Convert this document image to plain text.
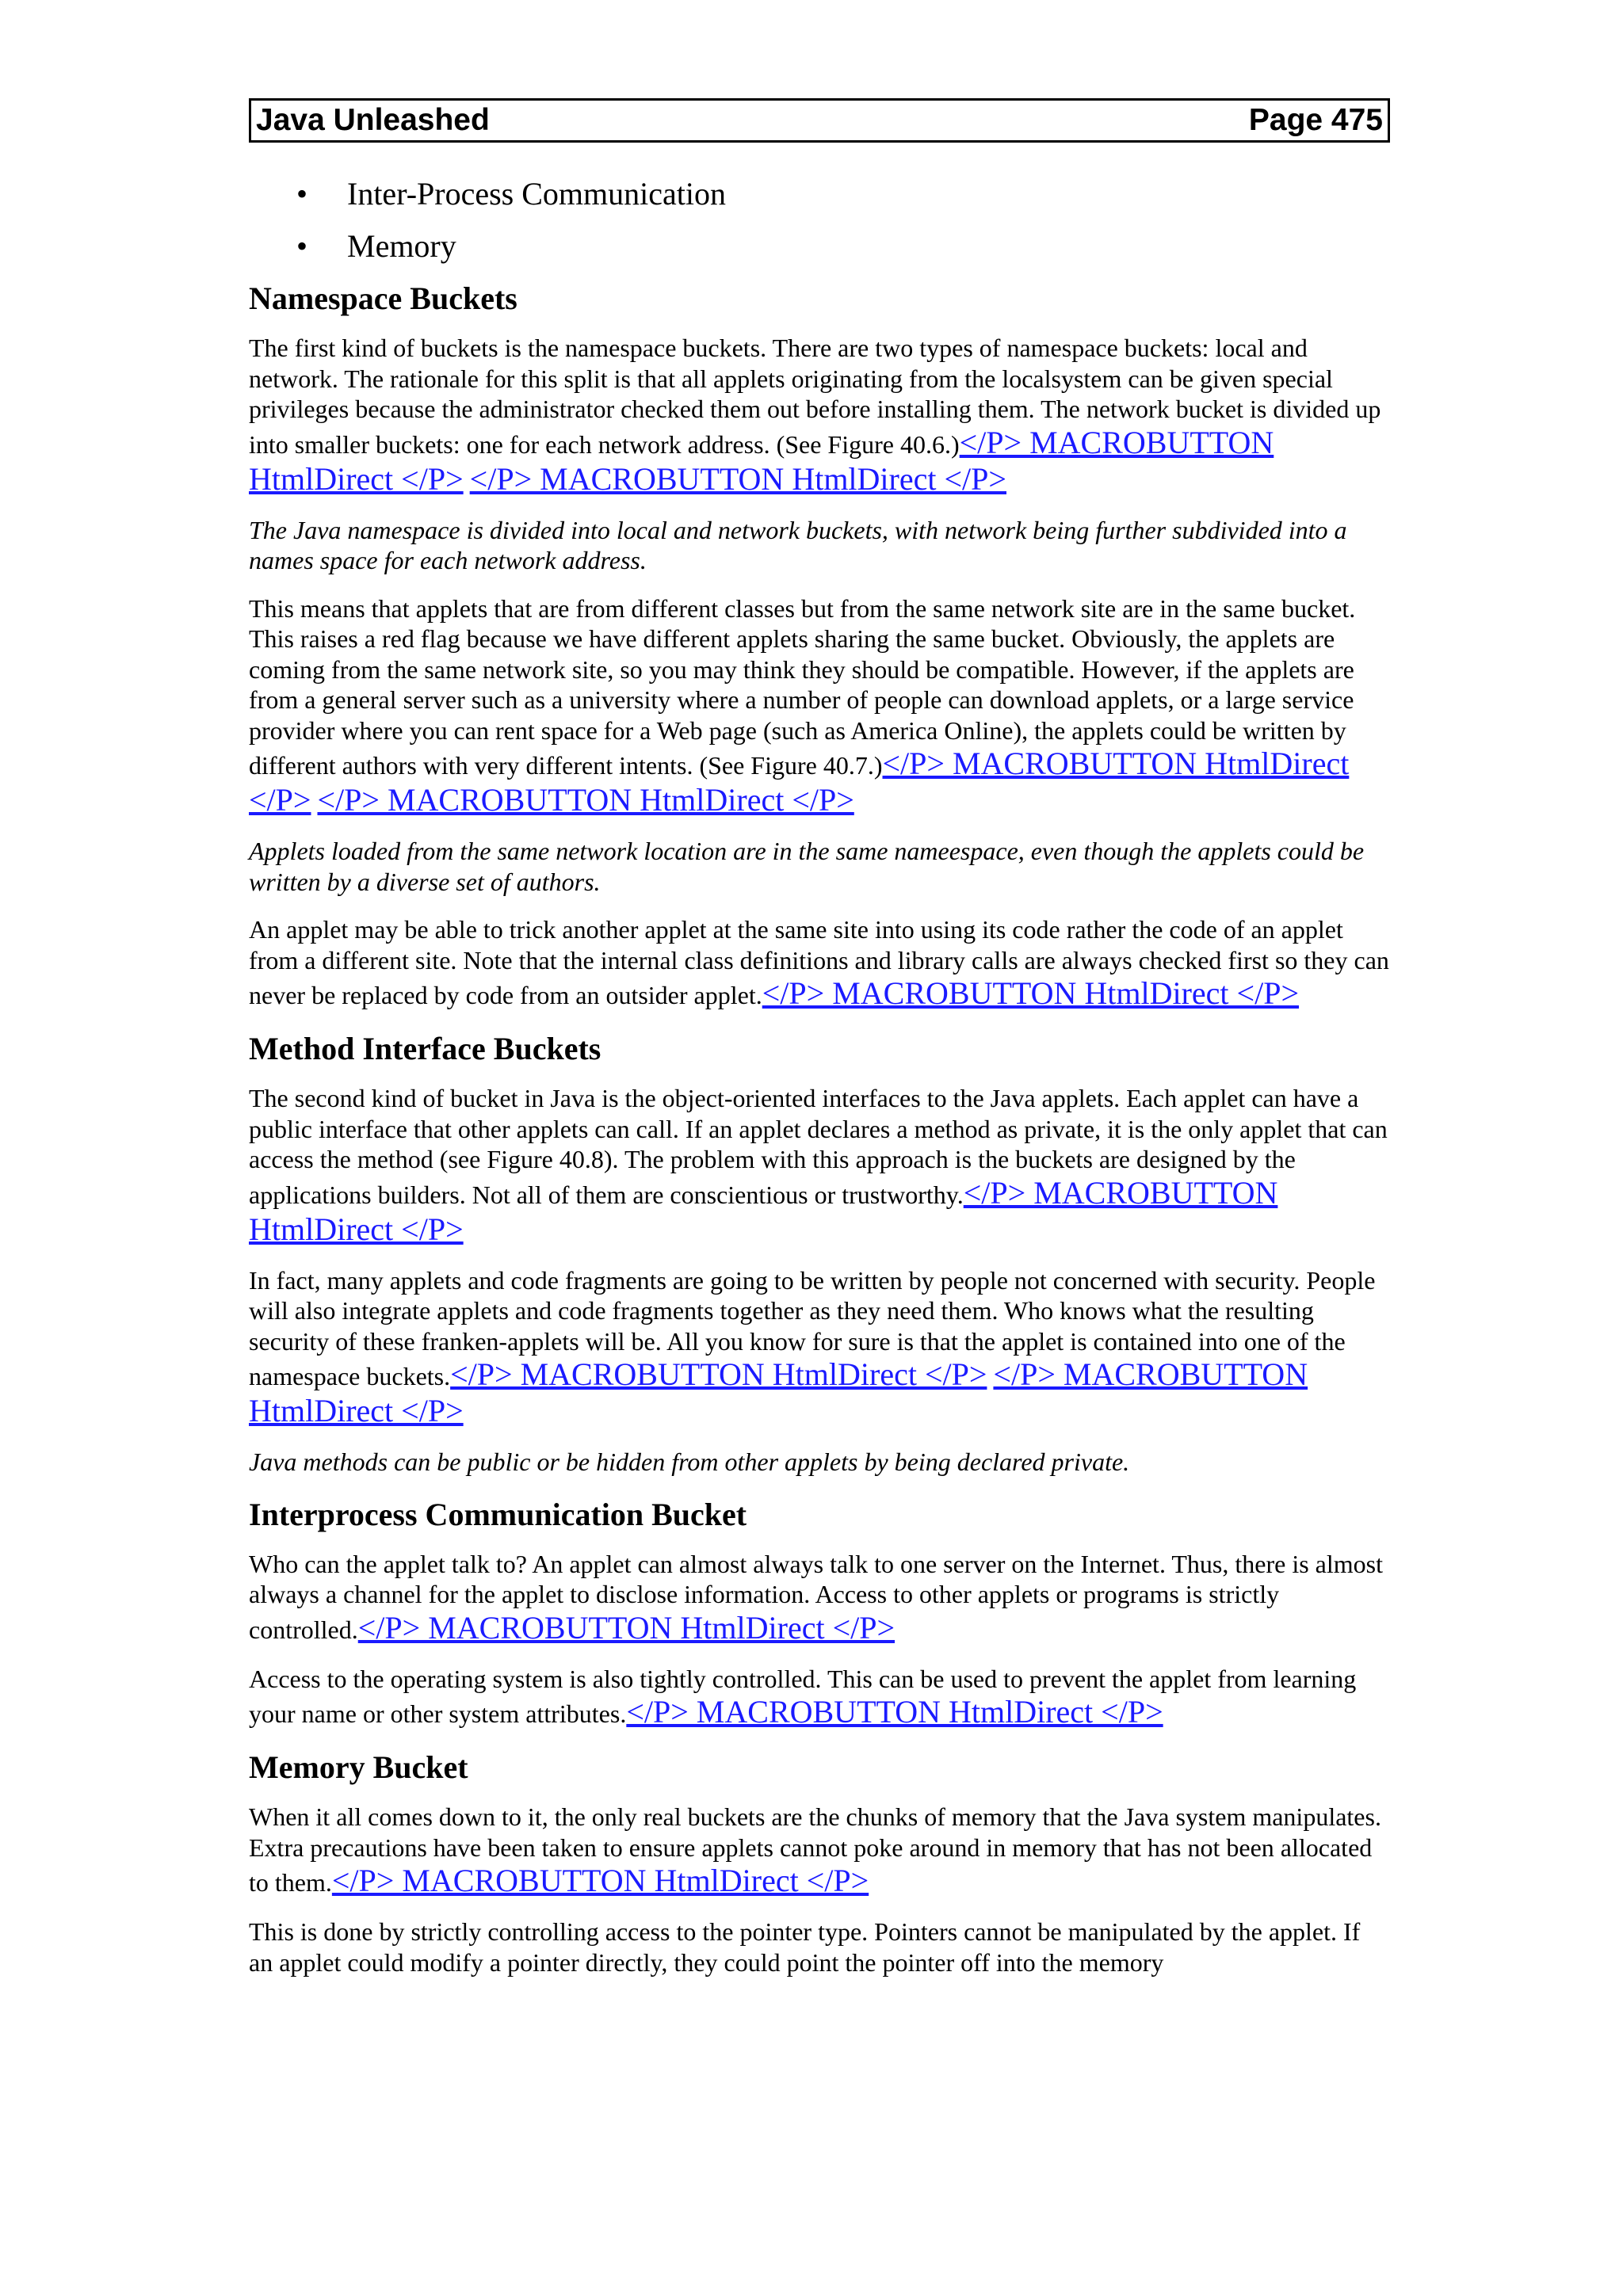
Java Unleashed	Page 475
• Inter-Process Communication
• Memory
Namespace Buckets

The first kind of buckets is the namespace buckets. There are two types of namespace buckets: local and network. The rationale for this split is that all applets originating from the localsystem can be given special privileges because the administrator checked them out before installing them. The network bucket is divided up into smaller buckets: one for each network address. (See Figure 40.6.)</P> MACROBUTTON HtmlDirect </P> </P> MACROBUTTON HtmlDirect </P>

The Java namespace is divided into local and network buckets, with network being further subdivided into a names space for each network address.

This means that applets that are from different classes but from the same network site are in the same bucket. This raises a red flag because we have different applets sharing the same bucket. Obviously, the applets are coming from the same network site, so you may think they should be compatible. However, if the applets are from a general server such as a university where a number of people can download applets, or a large service provider where you can rent space for a Web page (such as America Online), the applets could be written by different authors with very different intents. (See Figure 40.7.)</P> MACROBUTTON HtmlDirect </P> </P> MACROBUTTON HtmlDirect </P>

Applets loaded from the same network location are in the same nameespace, even though the applets could be written by a diverse set of authors.

An applet may be able to trick another applet at the same site into using its code rather the code of an applet from a different site. Note that the internal class definitions and library calls are always checked first so they can never be replaced by code from an outsider applet.</P> MACROBUTTON HtmlDirect </P>

Method Interface Buckets

The second kind of bucket in Java is the object-oriented interfaces to the Java applets. Each applet can have a public interface that other applets can call. If an applet declares a method as private, it is the only applet that can access the method (see Figure 40.8). The problem with this approach is the buckets are designed by the applications builders. Not all of them are conscientious or trustworthy.</P> MACROBUTTON HtmlDirect </P>

In fact, many applets and code fragments are going to be written by people not concerned with security. People will also integrate applets and code fragments together as they need them. Who knows what the resulting security of these franken-applets will be. All you know for sure is that the applet is contained into one of the namespace buckets.</P> MACROBUTTON HtmlDirect </P> </P> MACROBUTTON HtmlDirect </P>

Java methods can be public or be hidden from other applets by being declared private.

Interprocess Communication Bucket

Who can the applet talk to? An applet can almost always talk to one server on the Internet. Thus, there is almost always a channel for the applet to disclose information. Access to other applets or programs is strictly controlled.</P> MACROBUTTON HtmlDirect </P>

Access to the operating system is also tightly controlled. This can be used to prevent the applet from learning your name or other system attributes.</P> MACROBUTTON HtmlDirect </P>

Memory Bucket

When it all comes down to it, the only real buckets are the chunks of memory that the Java system manipulates. Extra precautions have been taken to ensure applets cannot poke around in memory that has not been allocated to them.</P> MACROBUTTON HtmlDirect </P>

This is done by strictly controlling access to the pointer type. Pointers cannot be manipulated by the applet. If an applet could modify a pointer directly, they could point the pointer off into the memory
